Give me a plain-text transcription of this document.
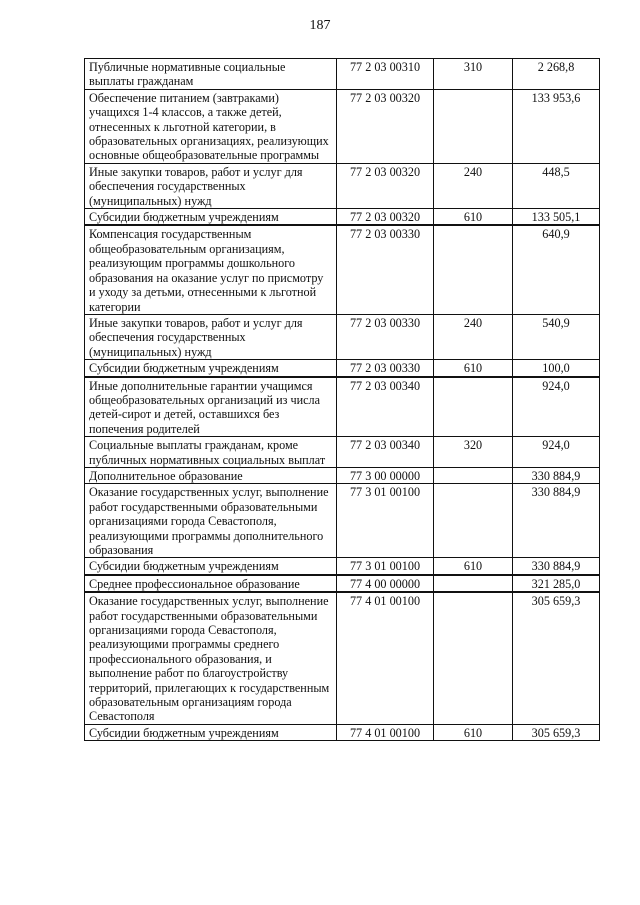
187
Публичные нормативные социальные выплаты гражданам	77 2 03 00310	310	2 268,8
Обеспечение питанием (завтраками) учащихся 1-4 классов, а также детей, отнесенных к льготной категории, в образовательных организациях, реализующих основные общеобразовательные программы	77 2 03 00320		133 953,6
Иные закупки товаров, работ и услуг для обеспечения государственных (муниципальных) нужд	77 2 03 00320	240	448,5
Субсидии бюджетным учреждениям	77 2 03 00320	610	133 505,1
Компенсация государственным общеобразовательным организациям, реализующим программы дошкольного образования на оказание услуг по присмотру и уходу за детьми, отнесенными к льготной категории	77 2 03 00330		640,9
Иные закупки товаров, работ и услуг для обеспечения государственных (муниципальных) нужд	77 2 03 00330	240	540,9
Субсидии бюджетным учреждениям	77 2 03 00330	610	100,0
Иные дополнительные гарантии учащимся общеобразовательных организаций из числа детей-сирот и детей, оставшихся без попечения родителей	77 2 03 00340		924,0
Социальные выплаты гражданам, кроме публичных нормативных социальных выплат	77 2 03 00340	320	924,0
Дополнительное образование	77 3 00 00000		330 884,9
Оказание государственных услуг, выполнение работ государственными образовательными организациями города Севастополя, реализующими программы дополнительного образования	77 3 01 00100		330 884,9
Субсидии бюджетным учреждениям	77 3 01 00100	610	330 884,9
Среднее профессиональное образование	77 4 00 00000		321 285,0
Оказание государственных услуг, выполнение работ государственными образовательными организациями города Севастополя, реализующими программы среднего профессионального образования, и выполнение работ по благоустройству территорий, прилегающих к государственным образовательным организациям города Севастополя	77 4 01 00100		305 659,3
Субсидии бюджетным учреждениям	77 4 01 00100	610	305 659,3
